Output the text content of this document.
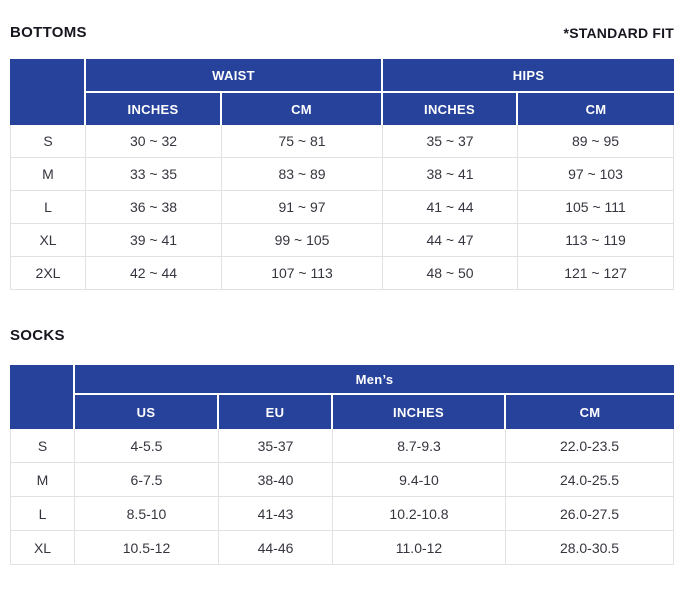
BOTTOMS	*STANDARD FIT
	WAIST		HIPS	
	INCHES	CM	INCHES	CM
S	30 ~ 32	75 ~ 81	35 ~ 37	89 ~ 95
M	33 ~ 35	83 ~ 89	38 ~ 41	97 ~ 103
L	36 ~ 38	91 ~ 97	41 ~ 44	105 ~ 111
XL	39 ~ 41	99 ~ 105	44 ~ 47	113 ~ 119
2XL	42 ~ 44	107 ~ 113	48 ~ 50	121 ~ 127
SOCKS
	Men’s			
	US	EU	INCHES	CM
S	4-5.5	35-37	8.7-9.3	22.0-23.5
M	6-7.5	38-40	9.4-10	24.0-25.5
L	8.5-10	41-43	10.2-10.8	26.0-27.5
XL	10.5-12	44-46	11.0-12	28.0-30.5
